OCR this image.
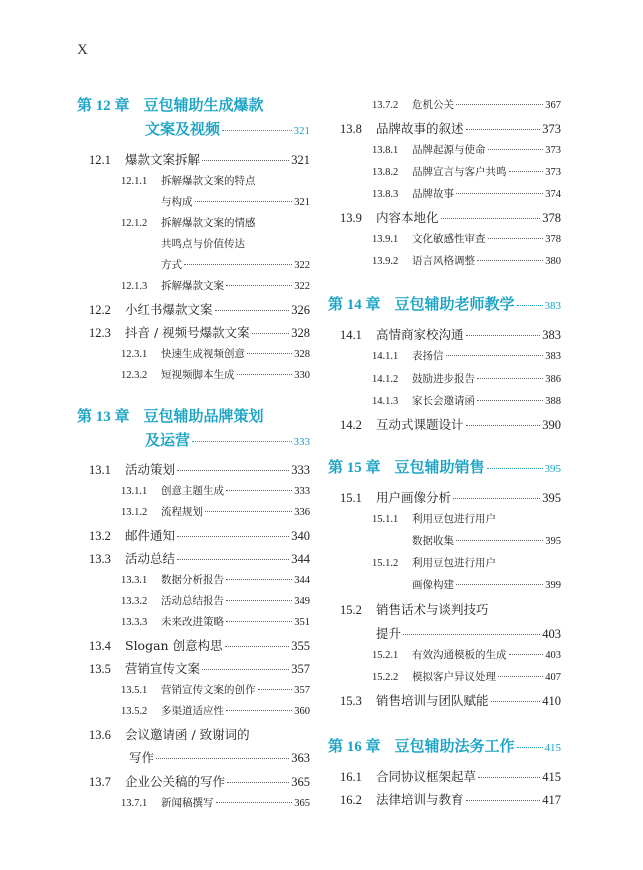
X
第 12 章 豆包辅助生成爆款
文案及视频	321
12.1	爆款文案拆解	321
12.1.1	拆解爆款文案的特点
与构成	321
12.1.2	拆解爆款文案的情感
共鸣点与价值传达
方式	322
12.1.3	拆解爆款文案	322
12.2	小红书爆款文案	326
12.3	抖音 / 视频号爆款文案	328
12.3.1	快速生成视频创意	328
12.3.2	短视频脚本生成	330
第 13 章 豆包辅助品牌策划
及运营	333
13.1	活动策划	333
13.1.1	创意主题生成	333
13.1.2	流程规划	336
13.2	邮件通知	340
13.3	活动总结	344
13.3.1	数据分析报告	344
13.3.2	活动总结报告	349
13.3.3	未来改进策略	351
13.4	Slogan 创意构思	355
13.5	营销宣传文案	357
13.5.1	营销宣传文案的创作	357
13.5.2	多渠道适应性	360
13.6	会议邀请函 / 致谢词的
写作	363
13.7	企业公关稿的写作	365
13.7.1	新闻稿撰写	365
13.7.2	危机公关	367
13.8	品牌故事的叙述	373
13.8.1	品牌起源与使命	373
13.8.2	品牌宣言与客户共鸣	373
13.8.3	品牌故事	374
13.9	内容本地化	378
13.9.1	文化敏感性审查	378
13.9.2	语言风格调整	380
第 14 章 豆包辅助老师教学	383
14.1	高情商家校沟通	383
14.1.1	表扬信	383
14.1.2	鼓励进步报告	386
14.1.3	家长会邀请函	388
14.2	互动式课题设计	390
第 15 章 豆包辅助销售	395
15.1	用户画像分析	395
15.1.1	利用豆包进行用户
数据收集	395
15.1.2	利用豆包进行用户
画像构建	399
15.2	销售话术与谈判技巧
提升	403
15.2.1	有效沟通模板的生成	403
15.2.2	模拟客户异议处理	407
15.3	销售培训与团队赋能	410
第 16 章 豆包辅助法务工作	415
16.1	合同协议框架起草	415
16.2	法律培训与教育	417
